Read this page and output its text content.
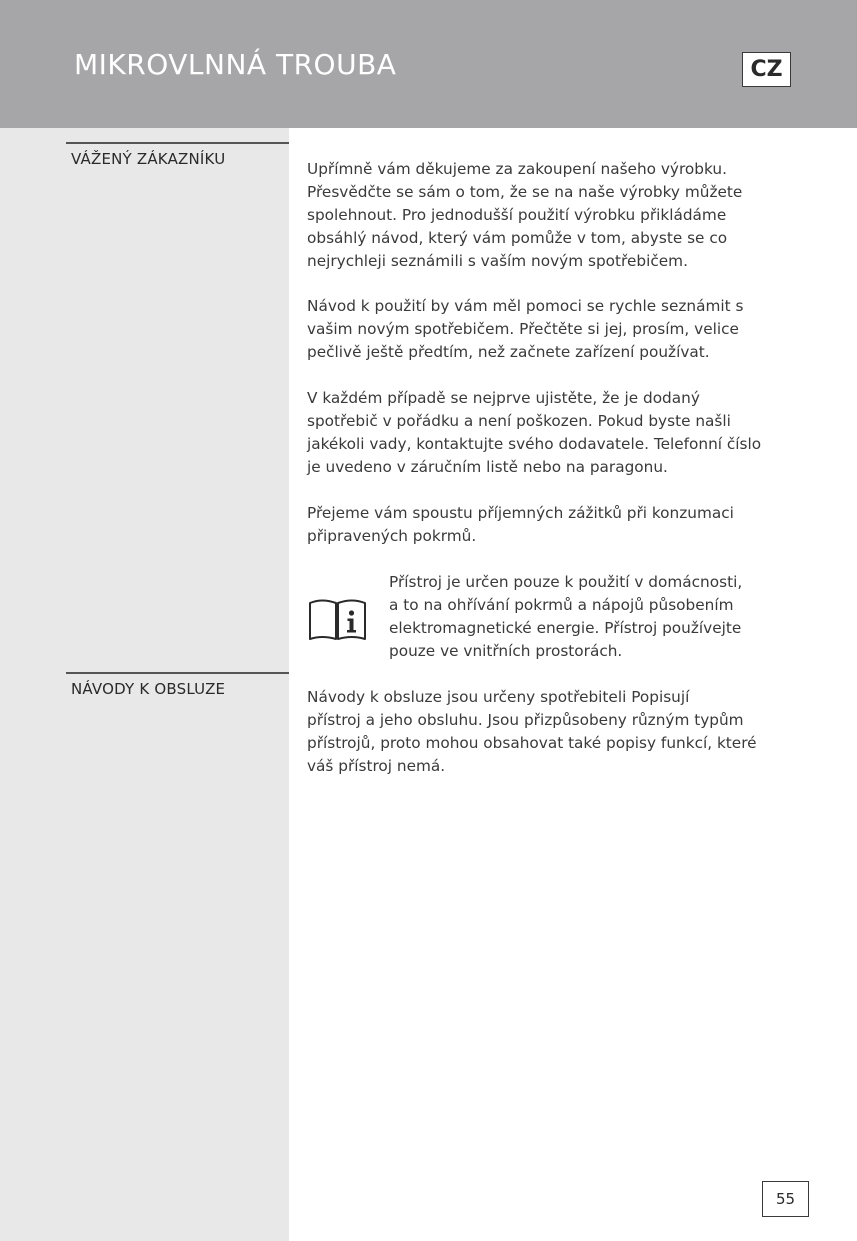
MIKROVLNNÁ TROUBA	CZ
VÁŽENÝ ZÁKAZNÍKU
NÁVODY K OBSLUZE

Upřímně vám děkujeme za zakoupení našeho výrobku.
Přesvědčte se sám o tom, že se na naše výrobky můžete
spolehnout. Pro jednodušší použití výrobku přikládáme
obsáhlý návod, který vám pomůže v tom, abyste se co
nejrychleji seznámili s vaším novým spotřebičem.

Návod k použití by vám měl pomoci se rychle seznámit s
vašim novým spotřebičem. Přečtěte si jej, prosím, velice
pečlivě ještě předtím, než začnete zařízení používat.

V každém případě se nejprve ujistěte, že je dodaný
spotřebič v pořádku a není poškozen. Pokud byste našli
jakékoli vady, kontaktujte svého dodavatele. Telefonní číslo
je uvedeno v záručním listě nebo na paragonu.

Přejeme vám spoustu příjemných zážitků při konzumaci
připravených pokrmů.

Přístroj je určen pouze k použití v domácnosti,
a to na ohřívání pokrmů a nápojů působením
elektromagnetické energie. Přístroj používejte
pouze ve vnitřních prostorách.

Návody k obsluze jsou určeny spotřebiteli Popisují
přístroj a jeho obsluhu. Jsou přizpůsobeny různým typům
přístrojů, proto mohou obsahovat také popisy funkcí, které
váš přístroj nemá.

55
